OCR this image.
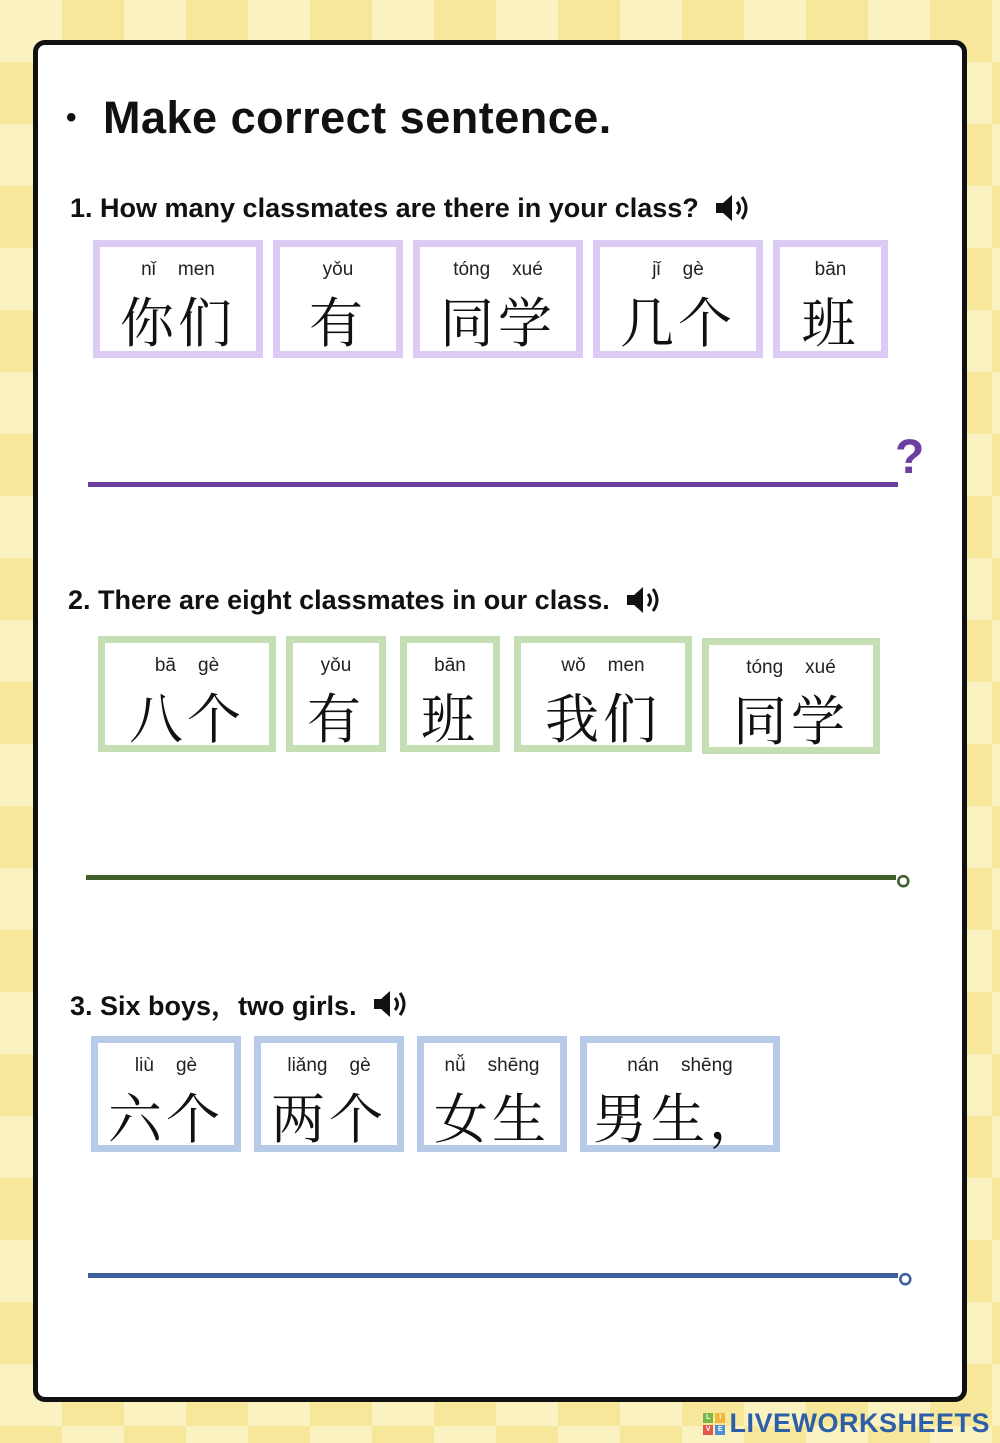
• Make correct sentence.

1. How many classmates are there in your class?

nǐ men
你们
yǒu
有
tóng xué
同学
jǐ gè
几个
bān
班
?

2. There are eight classmates in our class.

bā gè
八个
yǒu
有
bān
班
wǒ men
我们
tóng xué
同学
。

3. Six boys，two girls.

liù gè
六个
liǎng gè
两个
nǚ shēng
女生
nán shēng
男生，
。
L	I
V E LIVEWORKSHEETS
